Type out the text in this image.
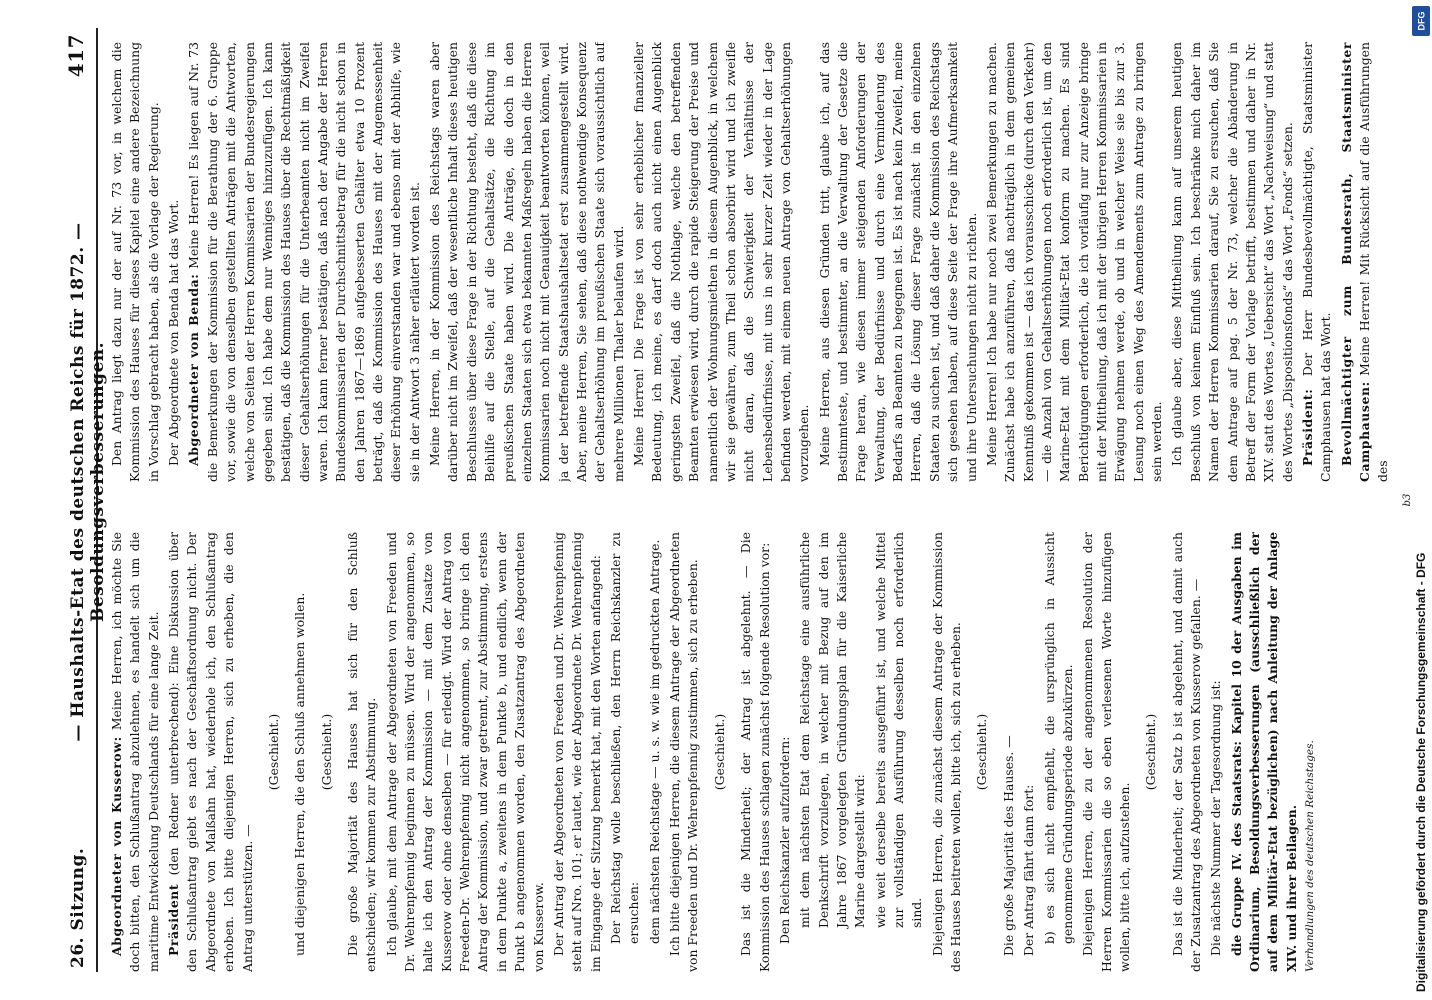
26. Sitzung.
— Haushalts-Etat des deutschen Reichs für 1872. — Besoldungsverbesserungen.
417

Abgeordneter von Kusserow: Meine Herren, ich möchte Sie doch bitten, den Schlußantrag abzulehnen, es handelt sich um die maritime Entwickelung Deutschlands für eine lange Zeit. Präsident (den Redner unterbrechend): Eine Diskussion über den Schlußantrag giebt es nach der Geschäftsordnung nicht. Der Abgeordnete von Malßahn hat, wiederhole ich, den Schlußantrag erhoben. Ich bitte diejenigen Herren, sich zu erheben, die den Antrag unterstützen. —

(Geschieht.) und diejenigen Herren, die den Schluß annehmen wollen. (Geschieht.) Die große Majorität des Hauses hat sich für den Schluß entschieden; wir kommen zur Abstimmung. Ich glaube, mit dem Antrage der Abgeordneten von Freeden und Dr. Wehrenpfennig beginnen zu müssen. Wird der angenommen, so halte ich den Antrag der Kommission — mit dem Zusatze von Kusserow oder ohne denselben — für erledigt. Wird der Antrag von Freeden-Dr. Wehrenpfennig nicht angenommen, so bringe ich den Antrag der Kommission, und zwar getrennt, zur Abstimmung, erstens in dem Punkte a, zweitens in dem Punkte b, und endlich, wenn der Punkt b angenommen worden, den Zusatzantrag des Abgeordneten von Kusserow. Der Antrag der Abgeordneten von Freeden und Dr. Wehrenpfennig steht auf Nro. 101; er lautet, wie der Abgeordnete Dr. Wehrenpfennig im Eingange der Sitzung bemerkt hat, mit den Worten anfangend: Der Reichstag wolle beschließen, den Herrn Reichskanzler zu ersuchen: dem nächsten Reichstage — u. s. w. wie im gedruckten Antrage. Ich bitte diejenigen Herren, die diesem Antrage der Abgeordneten von Freeden und Dr. Wehrenpfennig zustimmen, sich zu erheben. (Geschieht.) Das ist die Minderheit; der Antrag ist abgelehnt. — Die Kommission des Hauses schlagen zunächst folgende Resolution vor: Den Reichskanzler aufzufordern: mit dem nächsten Etat dem Reichstage eine ausführliche Denkschrift vorzulegen, in welcher mit Bezug auf den im Jahre 1867 vorgelegten Gründungsplan für die Kaiserliche Marine dargestellt wird: wie weit derselbe bereits ausgeführt ist, und welche Mittel zur vollständigen Ausführung desselben noch erforderlich sind. Diejenigen Herren, die zunächst diesem Antrage der Kommission des Hauses beitreten wollen, bitte ich, sich zu erheben. (Geschieht.) Die große Majorität des Hauses. — Der Antrag fährt dann fort: b) es sich nicht empfiehlt, die ursprünglich in Aussicht genommene Gründungsperiode abzukürzen. Diejenigen Herren, die zu der angenommenen Resolution der Herren Kommissarien die so eben verlesenen Worte hinzufügen wollen, bitte ich, aufzustehen.

(Geschieht.) Das ist die Minderheit; der Satz b ist abgelehnt, und damit auch der Zusatzantrag des Abgeordneten von Kusserow gefallen. — Die nächste Nummer der Tagesordnung ist: die Gruppe IV. des Staatsrats: Kapitel 10 der Ausgaben im Ordinarium, Besoldungsverbesserungen (ausschließlich der auf dem Militär-Etat bezüglichen) nach Anleitung der Anlage XIV. und ihrer Beilagen. Verhandlungen des deutschen Reichstages.

Den Antrag liegt dazu nur der auf Nr. 73 vor, in welchem die Kommission des Hauses für dieses Kapitel eine andere Bezeichnung in Vorschlag gebracht haben, als die Vorlage der Regierung. Der Abgeordnete von Benda hat das Wort. Abgeordneter von Benda: Meine Herren! Es liegen auf Nr. 73 die Bemerkungen der Kommission für die Berathung der 6. Gruppe vor, sowie die von denselben gestellten Anträgen mit die Antworten, welche von Seiten der Herren Kommissarien der Bundesregierungen gegeben sind. Ich habe dem nur Wenniges hinzuzufügen. Ich kann bestätigen, daß die Kommission des Hauses über die Rechtmäßigkeit dieser Gehaltserhöhungen für die Unterbeamten nicht im Zweifel waren. Ich kann ferner bestätigen, daß nach der Angabe der Herren Bundeskommissarien der Durchschnittsbetrag für die nicht schon in den Jahren 1867—1869 aufgebesserten Gehälter etwa 10 Prozent beträgt, daß die Kommission des Hauses mit der Angemessenheit dieser Erhöhung einverstanden war und ebenso mit der Abhilfe, wie sie in der Antwort 3 näher erläutert worden ist. Meine Herren, in der Kommission des Reichstags waren aber darüber nicht im Zweifel, daß der wesentliche Inhalt dieses heutigen Beschlusses über diese Frage in der Richtung besteht, daß die diese Beihilfe auf die Stelle, auf die Gehaltsätze, die Richtung im preußischen Staate haben wird. Die Anträge, die doch in den einzelnen Staaten sich etwa bekannten Maßregeln haben die Herren Kommissarien noch nicht mit Genauigkeit beantworten können, weil ja der betreffende Staatshaushaltsetat erst zusammengestellt wird. Aber, meine Herren, Sie sehen, daß diese nothwendige Konsequenz der Gehaltserhöhung im preußischen Staate sich voraussichtlich auf mehrere Millionen Thaler belaufen wird. Meine Herren! Die Frage ist von sehr erheblicher finanzieller Bedeutung, ich meine, es darf doch auch nicht einen Augenblick geringsten Zweifel, daß die Nothlage, welche den betreffenden Beamten erwiesen wird, durch die rapide Steigerung der Preise und namentlich der Wohnungsmiethen in diesem Augenblick, in welchem wir sie gewähren, zum Theil schon absorbirt wird und ich zweifle nicht daran, daß die Schwierigkeit der Verhältnisse der Lebensbedürfnisse, mit uns in sehr kurzer Zeit wieder in der Lage befinden werden, mit einem neuen Antrage von Gehaltserhöhungen vorzugehen. Meine Herren, aus diesen Gründen tritt, glaube ich, auf das Bestimmteste, und bestimmter, an die Verwaltung der Gesetze die Frage heran, wie diesen immer steigenden Anforderungen der Verwaltung, der Bedürfnisse und durch eine Verminderung des Bedarfs an Beamten zu begegnen ist. Es ist nach kein Zweifel, meine Herren, daß die Lösung dieser Frage zunächst in den einzelnen Staaten zu suchen ist, und daß daher die Kommission des Reichstags sich gesehen haben, auf diese Seite der Frage ihre Aufmerksamkeit und ihre Untersuchungen nicht zu richten. Meine Herren! Ich habe nur noch zwei Bemerkungen zu machen. Zunächst habe ich anzuführen, daß nachträglich in dem gemeinen Kenntniß gekommen ist — das ich vorausschicke (durch den Verkehr) — die Anzahl von Gehaltserhöhungen noch erforderlich ist, um den Marine-Etat mit dem Militär-Etat konform zu machen. Es sind Berichtigungen erforderlich, die ich vorläufig nur zur Anzeige bringe mit der Mittheilung, daß ich mit der übrigen Herren Kommissarien in Erwägung nehmen werde, ob und in welcher Weise sie bis zur 3. Lesung noch einen Weg des Amendements zum Antrage zu bringen sein werden. Ich glaube aber, diese Mittheilung kann auf unserem heutigen Beschluß von keinem Einfluß sein. Ich beschränke mich daher im Namen der Herren Kommissarien darauf, Sie zu ersuchen, daß Sie dem Antrage auf pag. 5 der Nr. 73, welcher die Abänderung in Betreff der Form der Vorlage betrifft, bestimmen und daher in Nr. XIV. statt des Wortes „Uebersicht“ das Wort „Nachweisung“ und statt des Wortes „Dispositionsfonds“ das Wort „Fonds“ setzen. Präsident: Der Herr Bundesbevollmächtigte, Staatsminister Camphausen hat das Wort. Bevollmächtigter zum Bundesrath, Staatsminister Camphausen: Meine Herren! Mit Rücksicht auf die Ausführungen des

b3
Digitalisierung gefördert durch die Deutsche Forschungsgemeinschaft - DFG
DFG
